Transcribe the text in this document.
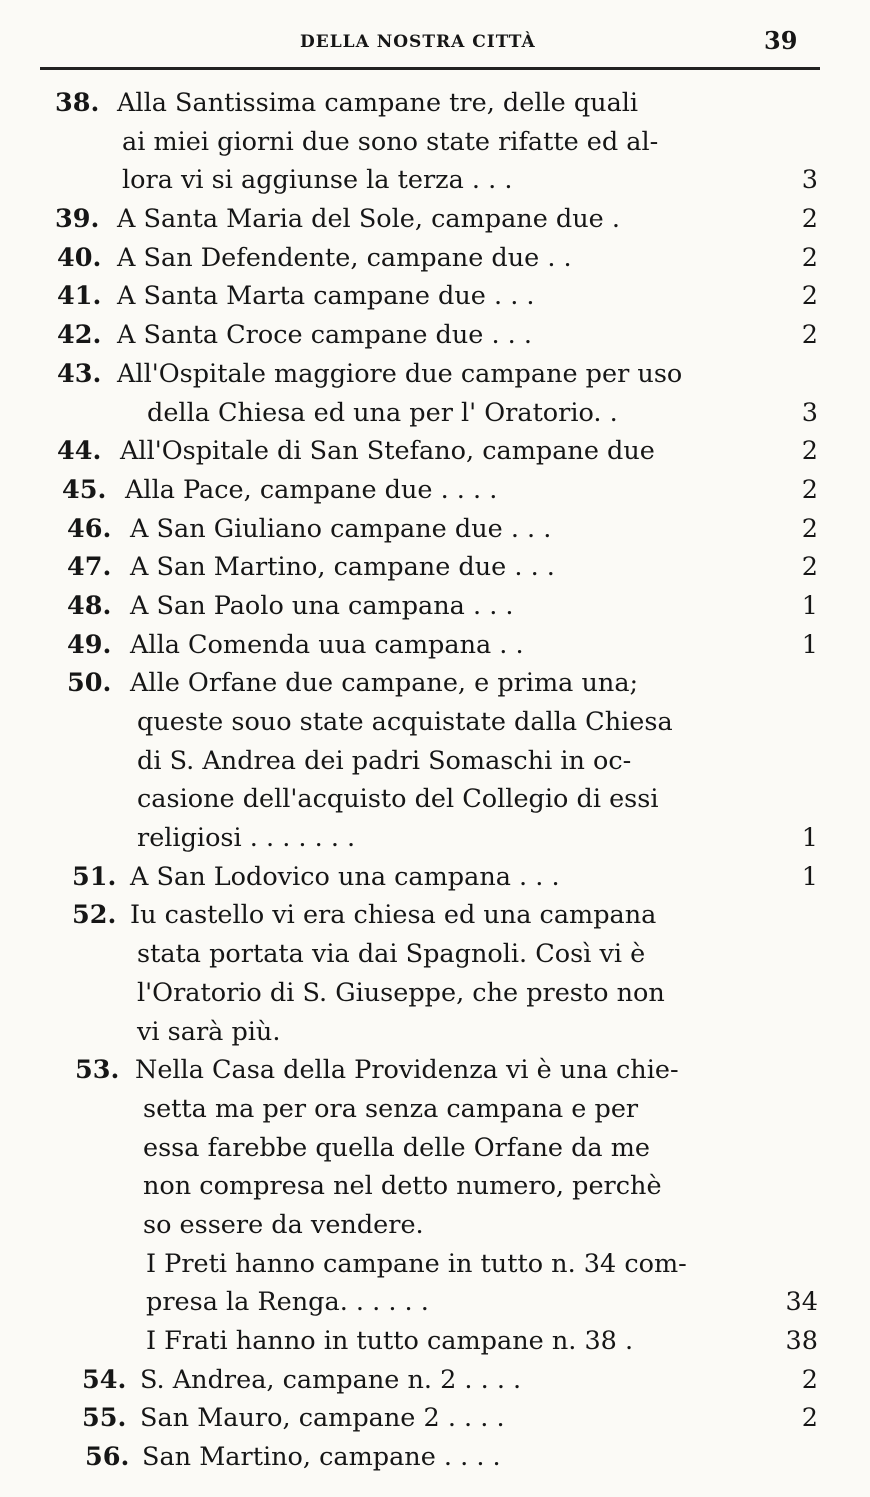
DELLA NOSTRA CITTÀ	39
38. Alla Santissima campane tre, delle quali
ai miei giorni due sono state rifatte ed al-
lora vi si aggiunse la terza . . .	3
39. A Santa Maria del Sole, campane due .	2
40. A San Defendente, campane due . .	2
41. A Santa Marta campane due . . .	2
42. A Santa Croce campane due . . .	2
43. All'Ospitale maggiore due campane per uso
della Chiesa ed una per l' Oratorio. .	3
44. All'Ospitale di San Stefano, campane due	2
45. Alla Pace, campane due . . . .	2
46. A San Giuliano campane due . . .	2
47. A San Martino, campane due . . .	2
48. A San Paolo una campana . . .	1
49. Alla Comenda uua campana . .	1
50. Alle Orfane due campane, e prima una;
queste souo state acquistate dalla Chiesa
di S. Andrea dei padri Somaschi in oc-
casione dell'acquisto del Collegio di essi
religiosi . . . . . . .	1
51. A San Lodovico una campana . . .	1
52. Iu castello vi era chiesa ed una campana
stata portata via dai Spagnoli. Così vi è
l'Oratorio di S. Giuseppe, che presto non
vi sarà più.
53. Nella Casa della Providenza vi è una chie-
setta ma per ora senza campana e per
essa farebbe quella delle Orfane da me
non compresa nel detto numero, perchè
so essere da vendere.
I Preti hanno campane in tutto n. 34 com-
presa la Renga. . . . . .	34
I Frati hanno in tutto campane n. 38 .	38
54. S. Andrea, campane n. 2 . . . .	2
55. San Mauro, campane 2 . . . .	2
56. San Martino, campane . . . .
